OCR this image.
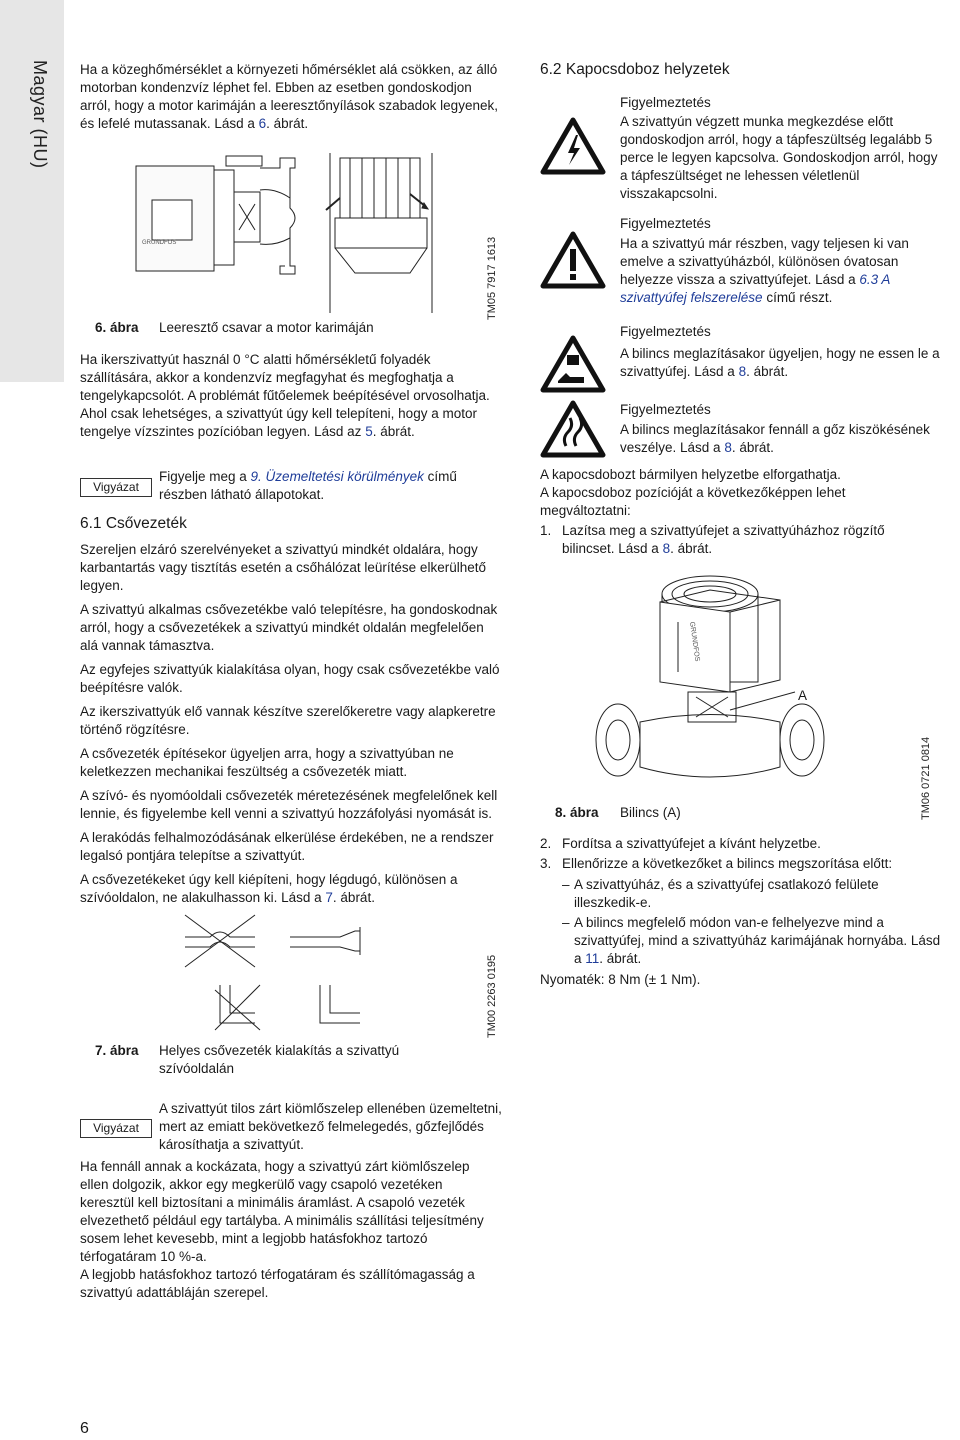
Magyar (HU) Ha a közeghőmérséklet a környezeti hőmérséklet alá csökken, az álló motorban kondenzvíz léphet fel. Ebben az esetben gondoskodjon arról, hogy a motor karimáján a leeresztőnyílások szabadok legyenek, és lefelé mutassanak. Lásd a 6. ábrát.

GRUNDFOS	TM05 7917 1613
6. ábra Leeresztő csavar a motor karimáján

Ha ikerszivattyút használ 0 °C alatti hőmérsékletű folyadék szállítására, akkor a kondenzvíz megfagyhat és megfoghatja a tengelykapcsolót. A problémát fűtőelemek beépítésével orvosolhatja. Ahol csak lehetséges, a szivattyút úgy kell telepíteni, hogy a motor tengelye vízszintes pozícióban legyen. Lásd az 5. ábrát.

Vigyázat

Figyelje meg a 9. Üzemeltetési körülmények című részben látható állapotokat.

6.1 Csővezeték

Szereljen elzáró szerelvényeket a szivattyú mindkét oldalára, hogy karbantartás vagy tisztítás esetén a csőhálózat leürítése elkerülhető legyen.

A szivattyú alkalmas csővezetékbe való telepítésre, ha gondoskodnak arról, hogy a csővezetékek a szivattyú mindkét oldalán megfelelően alá vannak támasztva.

Az egyfejes szivattyúk kialakítása olyan, hogy csak csővezetékbe való beépítésre valók.

Az ikerszivattyúk elő vannak készítve szerelőkeretre vagy alapkeretre történő rögzítésre.

A csővezeték építésekor ügyeljen arra, hogy a szivattyúban ne keletkezzen mechanikai feszültség a csővezeték miatt.

A szívó- és nyomóoldali csővezeték méretezésének megfelelőnek kell lennie, és figyelembe kell venni a szivattyú hozzáfolyási nyomását is.

A lerakódás felhalmozódásának elkerülése érdekében, ne a rendszer legalsó pontjára telepítse a szivattyút.

A csővezetékeket úgy kell kiépíteni, hogy légdugó, különösen a szívóoldalon, ne alakulhasson ki. Lásd a 7. ábrát.

TM00 2263 0195
7. ábra Helyes csővezeték kialakítás a szivattyú szívóoldalán
Vigyázat

A szivattyút tilos zárt kiömlőszelep ellenében üzemeltetni, mert az emiatt bekövetkező felmelegedés, gőzfejlődés károsíthatja a szivattyút.

Ha fennáll annak a kockázata, hogy a szivattyú zárt kiömlőszelep ellen dolgozik, akkor egy megkerülő vagy csapoló vezetéken keresztül kell biztosítani a minimális áramlást. A csapoló vezeték elvezethető például egy tartályba. A minimális szállítási teljesítmény sosem lehet kevesebb, mint a legjobb hatásfokhoz tartozó térfogatáram 10 %-a.

A legjobb hatásfokhoz tartozó térfogatáram és szállítómagasság a szivattyú adattábláján szerepel.

6.2 Kapocsdoboz helyzetek
Figyelmeztetés

A szivattyún végzett munka megkezdése előtt gondoskodjon arról, hogy a tápfeszültség legalább 5 perce le legyen kapcsolva. Gondoskodjon arról, hogy a tápfeszültséget ne lehessen véletlenül visszakapcsolni.

Figyelmeztetés

Ha a szivattyú már részben, vagy teljesen ki van emelve a szivattyúházból, különösen óvatosan helyezze vissza a szivattyúfejet. Lásd a 6.3 A szivattyúfej felszerelése című részt.

Figyelmeztetés

A bilincs meglazításakor ügyeljen, hogy ne essen le a szivattyúfej. Lásd a 8. ábrát.

Figyelmeztetés

A bilincs meglazításakor fennáll a gőz kiszökésének veszélye. Lásd a 8. ábrát.

A kapocsdobozt bármilyen helyzetbe elforgathatja.

A kapocsdoboz pozícióját a következőképpen lehet megváltoztatni:

1. Lazítsa meg a szivattyúfejet a szivattyúházhoz rögzítő bilincset. Lásd a 8. ábrát.

GRUNDFOS
A
TM06 0721 0814
8. ábra Bilincs (A)
2. Fordítsa a szivattyúfejet a kívánt helyzetbe.

3. Ellenőrizze a következőket a bilincs megszorítása előtt:

– A szivattyúház, és a szivattyúfej csatlakozó felülete illeszkedik-e.

– A bilincs megfelelő módon van-e felhelyezve mind a szivattyúfej, mind a szivattyúház karimájának hornyába. Lásd a 11. ábrát.

Nyomaték: 8 Nm (± 1 Nm).

6
